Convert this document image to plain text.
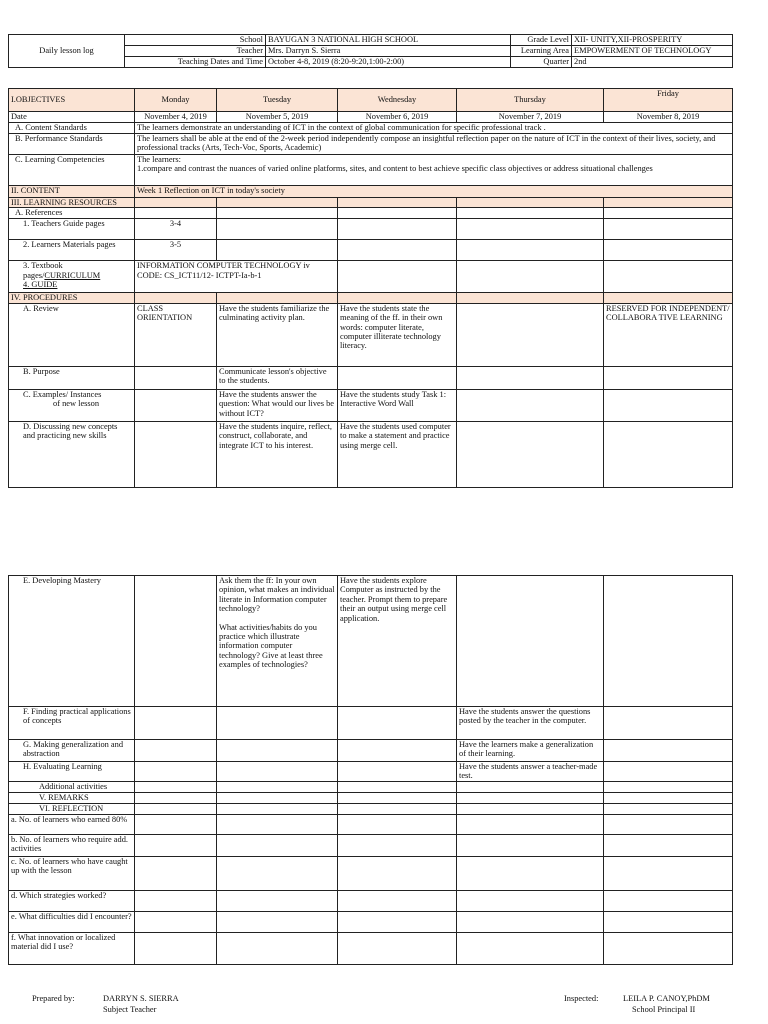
Daily lesson log	School	BAYUGAN 3 NATIONAL HIGH SCHOOL	Grade Level	XII- UNITY,XII-PROSPERITY
	Teacher	Mrs. Darryn S. Sierra	Learning Area	EMPOWERMENT OF TECHNOLOGY
	Teaching Dates and Time	October 4-8, 2019 (8:20-9:20,1:00-2:00)	Quarter	2nd
I.OBJECTIVES	Monday	Tuesday	Wednesday	Thursday	Friday
Date	November 4, 2019	November 5, 2019	November 6, 2019	November 7, 2019	November 8, 2019
A. Content Standards	The learners demonstrate an understanding of ICT in the context of global communication for specific professional track .				
B. Performance Standards	The learners shall be able at the end of the 2-week period independently compose an insightful reflection paper on the nature of ICT in the context of their lives, society, and professional tracks (Arts, Tech-Voc, Sports, Academic)				
C. Learning Competencies	The learners:
1.compare and contrast the nuances of varied online platforms, sites, and content to best achieve specific class objectives or address situational challenges				

II. CONTENT	Week 1 Reflection on ICT in today's society				
III. LEARNING RESOURCES					
A. References					
1. Teachers Guide pages	3-4				
2. Learners Materials pages	3-5				
3. Textbook pages/CURRICULUM
4. GUIDE	INFORMATION COMPUTER TECHNOLOGY iv CODE: CS_ICT11/12- ICTPT-Ia-b-1				
IV. PROCEDURES					
A. Review	CLASS ORIENTATION	Have the students familiarize the culminating activity plan.	Have the students state the meaning of the ff. in their own words: computer literate, computer illiterate technology literacy.		RESERVED FOR INDEPENDENT/ COLLABORA TIVE LEARNING
B. Purpose		Communicate lesson's objective to the students.			

C. Examples/ Instances
of new lesson		Have the students answer the question: What would our lives be without ICT?	Have the students study Task 1: Interactive Word Wall		

D. Discussing new concepts
and practicing new skills		Have the students inquire, reflect, construct, collaborate, and integrate ICT to his interest.	Have the students used computer to make a statement and practice using merge cell.		
E. Developing Mastery		Ask them the ff: In your own opinion, what makes an individual literate in Information computer technology?
What activities/habits do you practice which illustrate information computer technology? Give at least three examples of technologies?	Have the students explore Computer as instructed by the teacher. Prompt them to prepare their an output using merge cell application.		
F. Finding practical applications of concepts				Have the students answer the questions posted by the teacher in the computer.	
G. Making generalization and abstraction				Have the learners make a generalization of their learning.	
H. Evaluating Learning				Have the students answer a teacher-made test.	
Additional activities					
V. REMARKS					
VI. REFLECTION					
a. No. of learners who earned 80%					
b. No. of learners who require add. activities					
c. No. of learners who have caught up with the lesson					
d. Which strategies worked?					
e. What difficulties did I encounter?					
f. What innovation or localized material did I use?					
Prepared by:	DARRYN S. SIERRA
Subject Teacher
Inspected:	LEILA P. CANOY,PhDM
School Principal II
